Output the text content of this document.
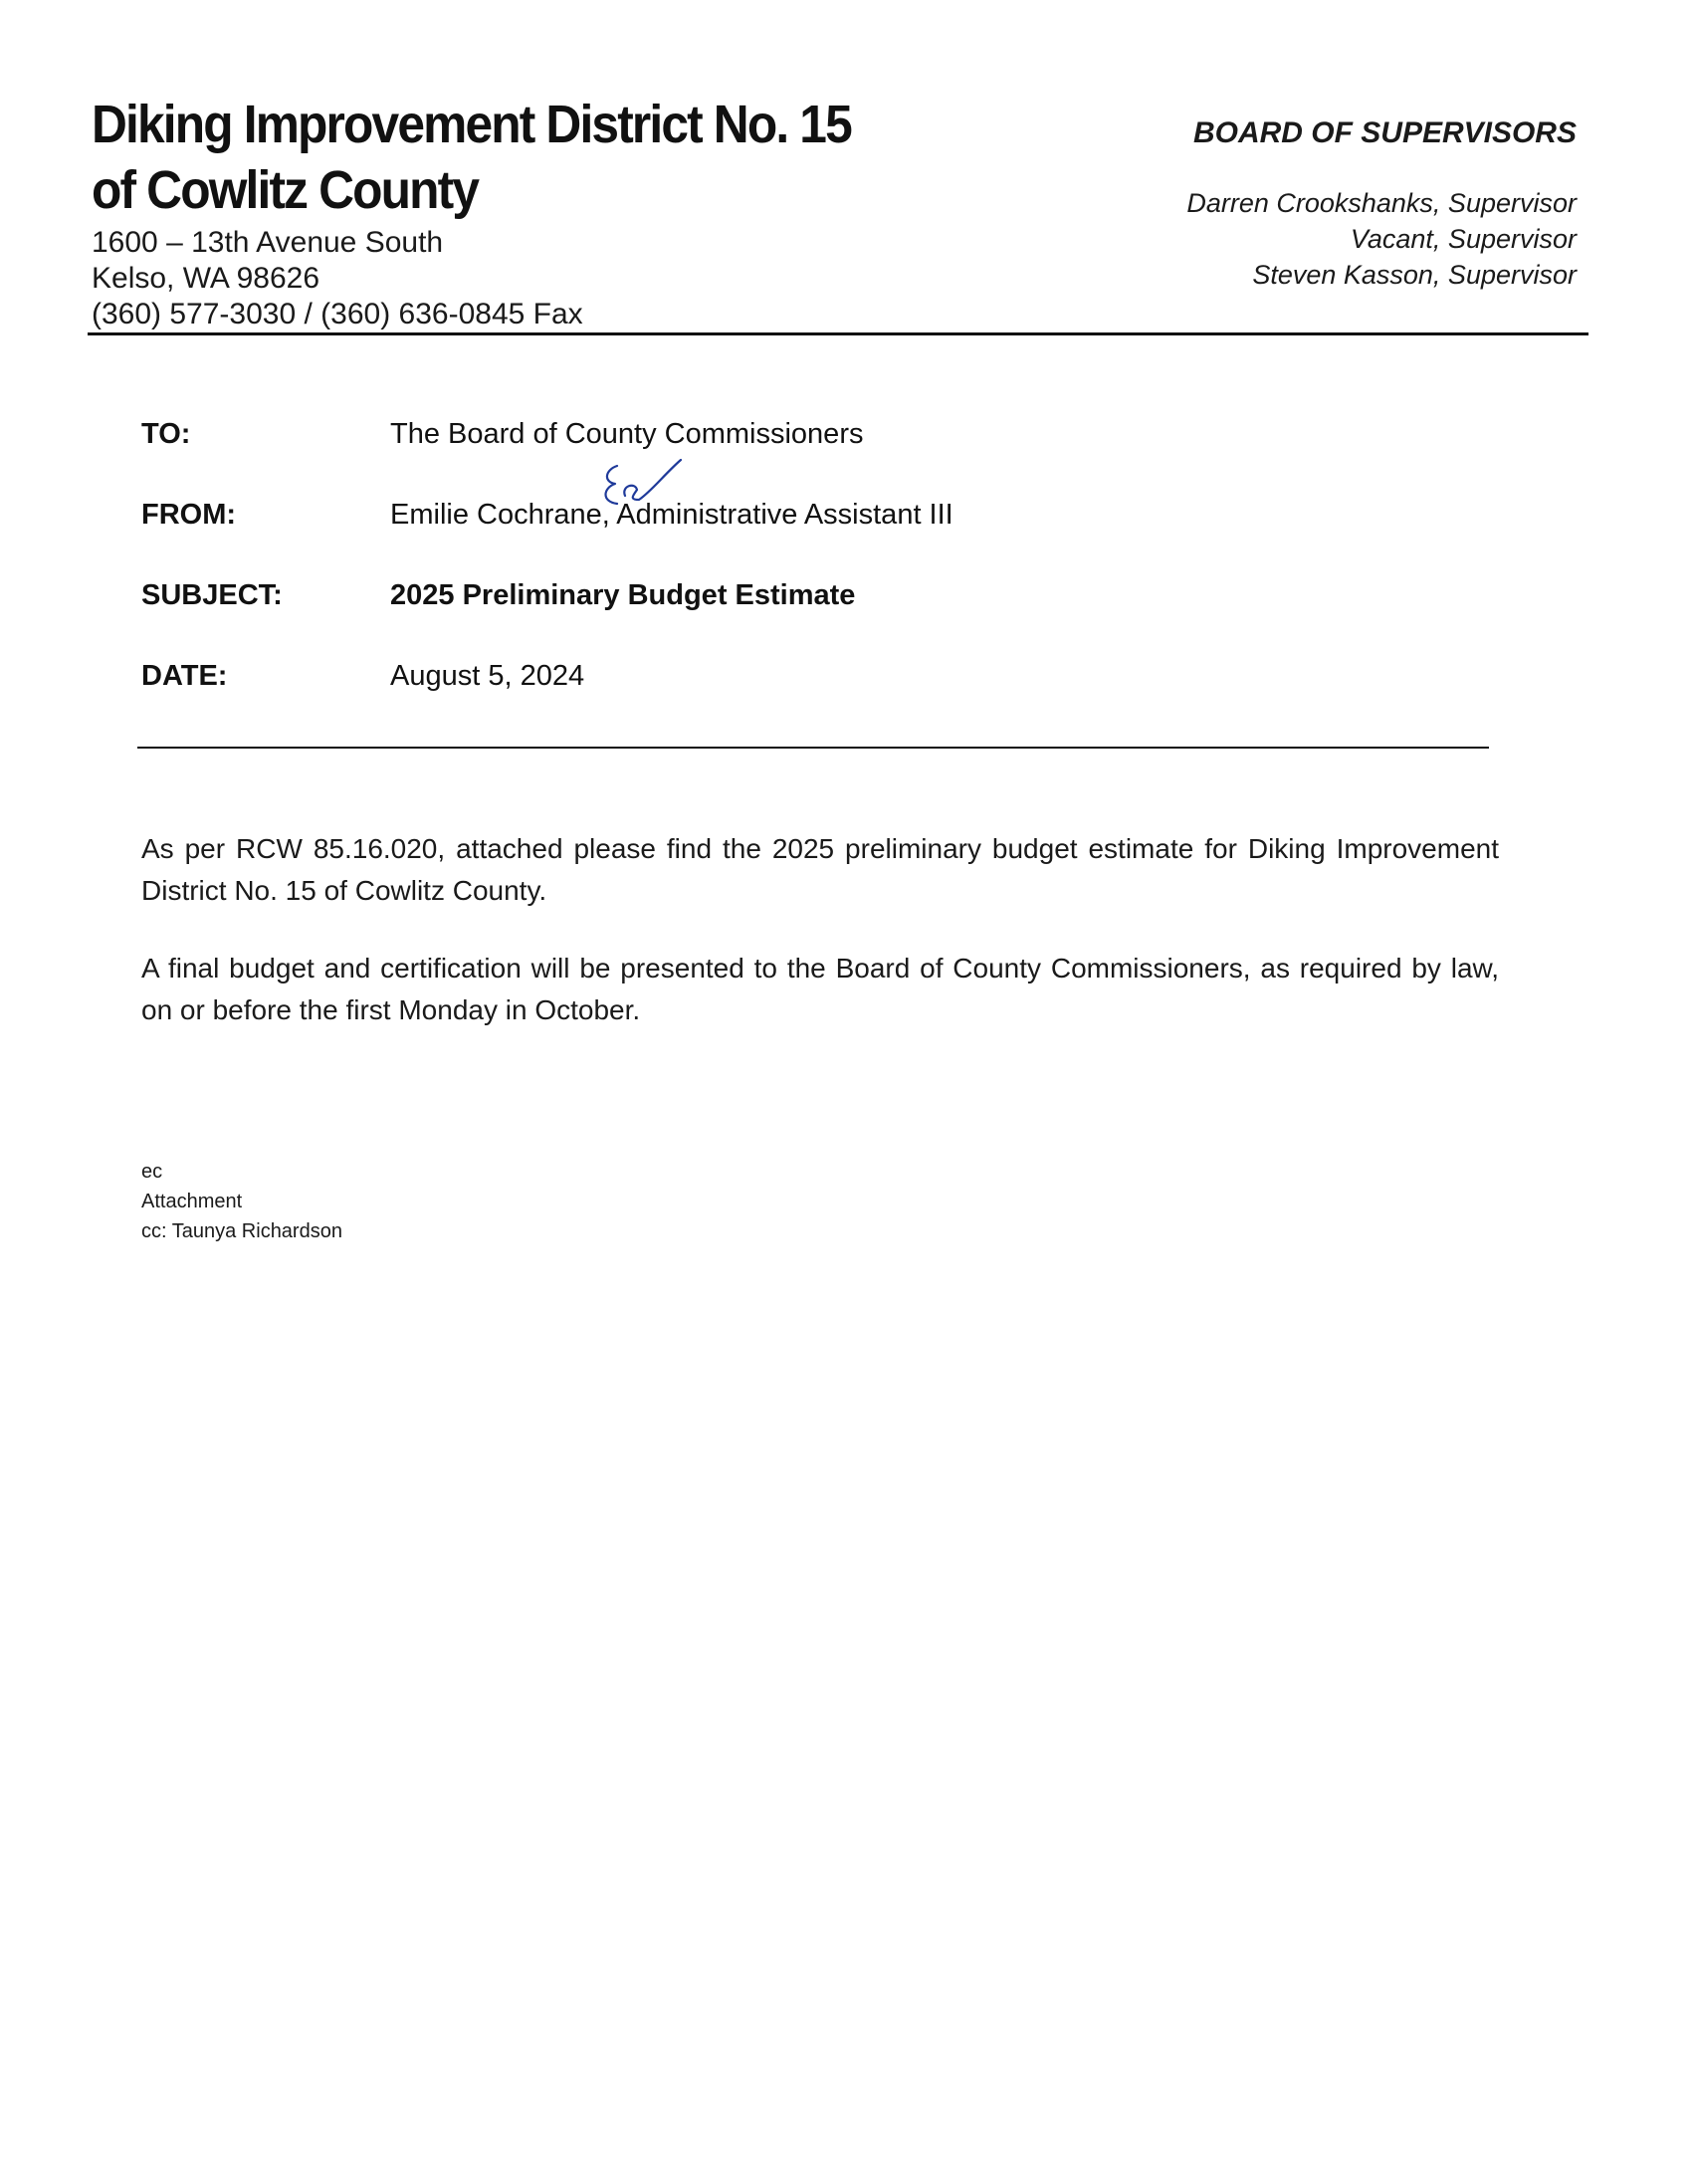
Diking Improvement District No. 15
of Cowlitz County
1600 – 13th Avenue South
Kelso, WA 98626
(360) 577-3030 / (360) 636-0845 Fax
BOARD OF SUPERVISORS
Darren Crookshanks, Supervisor
Vacant, Supervisor
Steven Kasson, Supervisor
TO:	The Board of County Commissioners
FROM:	Emilie Cochrane, Administrative Assistant III
SUBJECT:	2025 Preliminary Budget Estimate
DATE:	August 5, 2024

As per RCW 85.16.020, attached please find the 2025 preliminary budget estimate for Diking Improvement District No. 15 of Cowlitz County.

A final budget and certification will be presented to the Board of County Commissioners, as required by law, on or before the first Monday in October.

ec
Attachment
cc: Taunya Richardson
